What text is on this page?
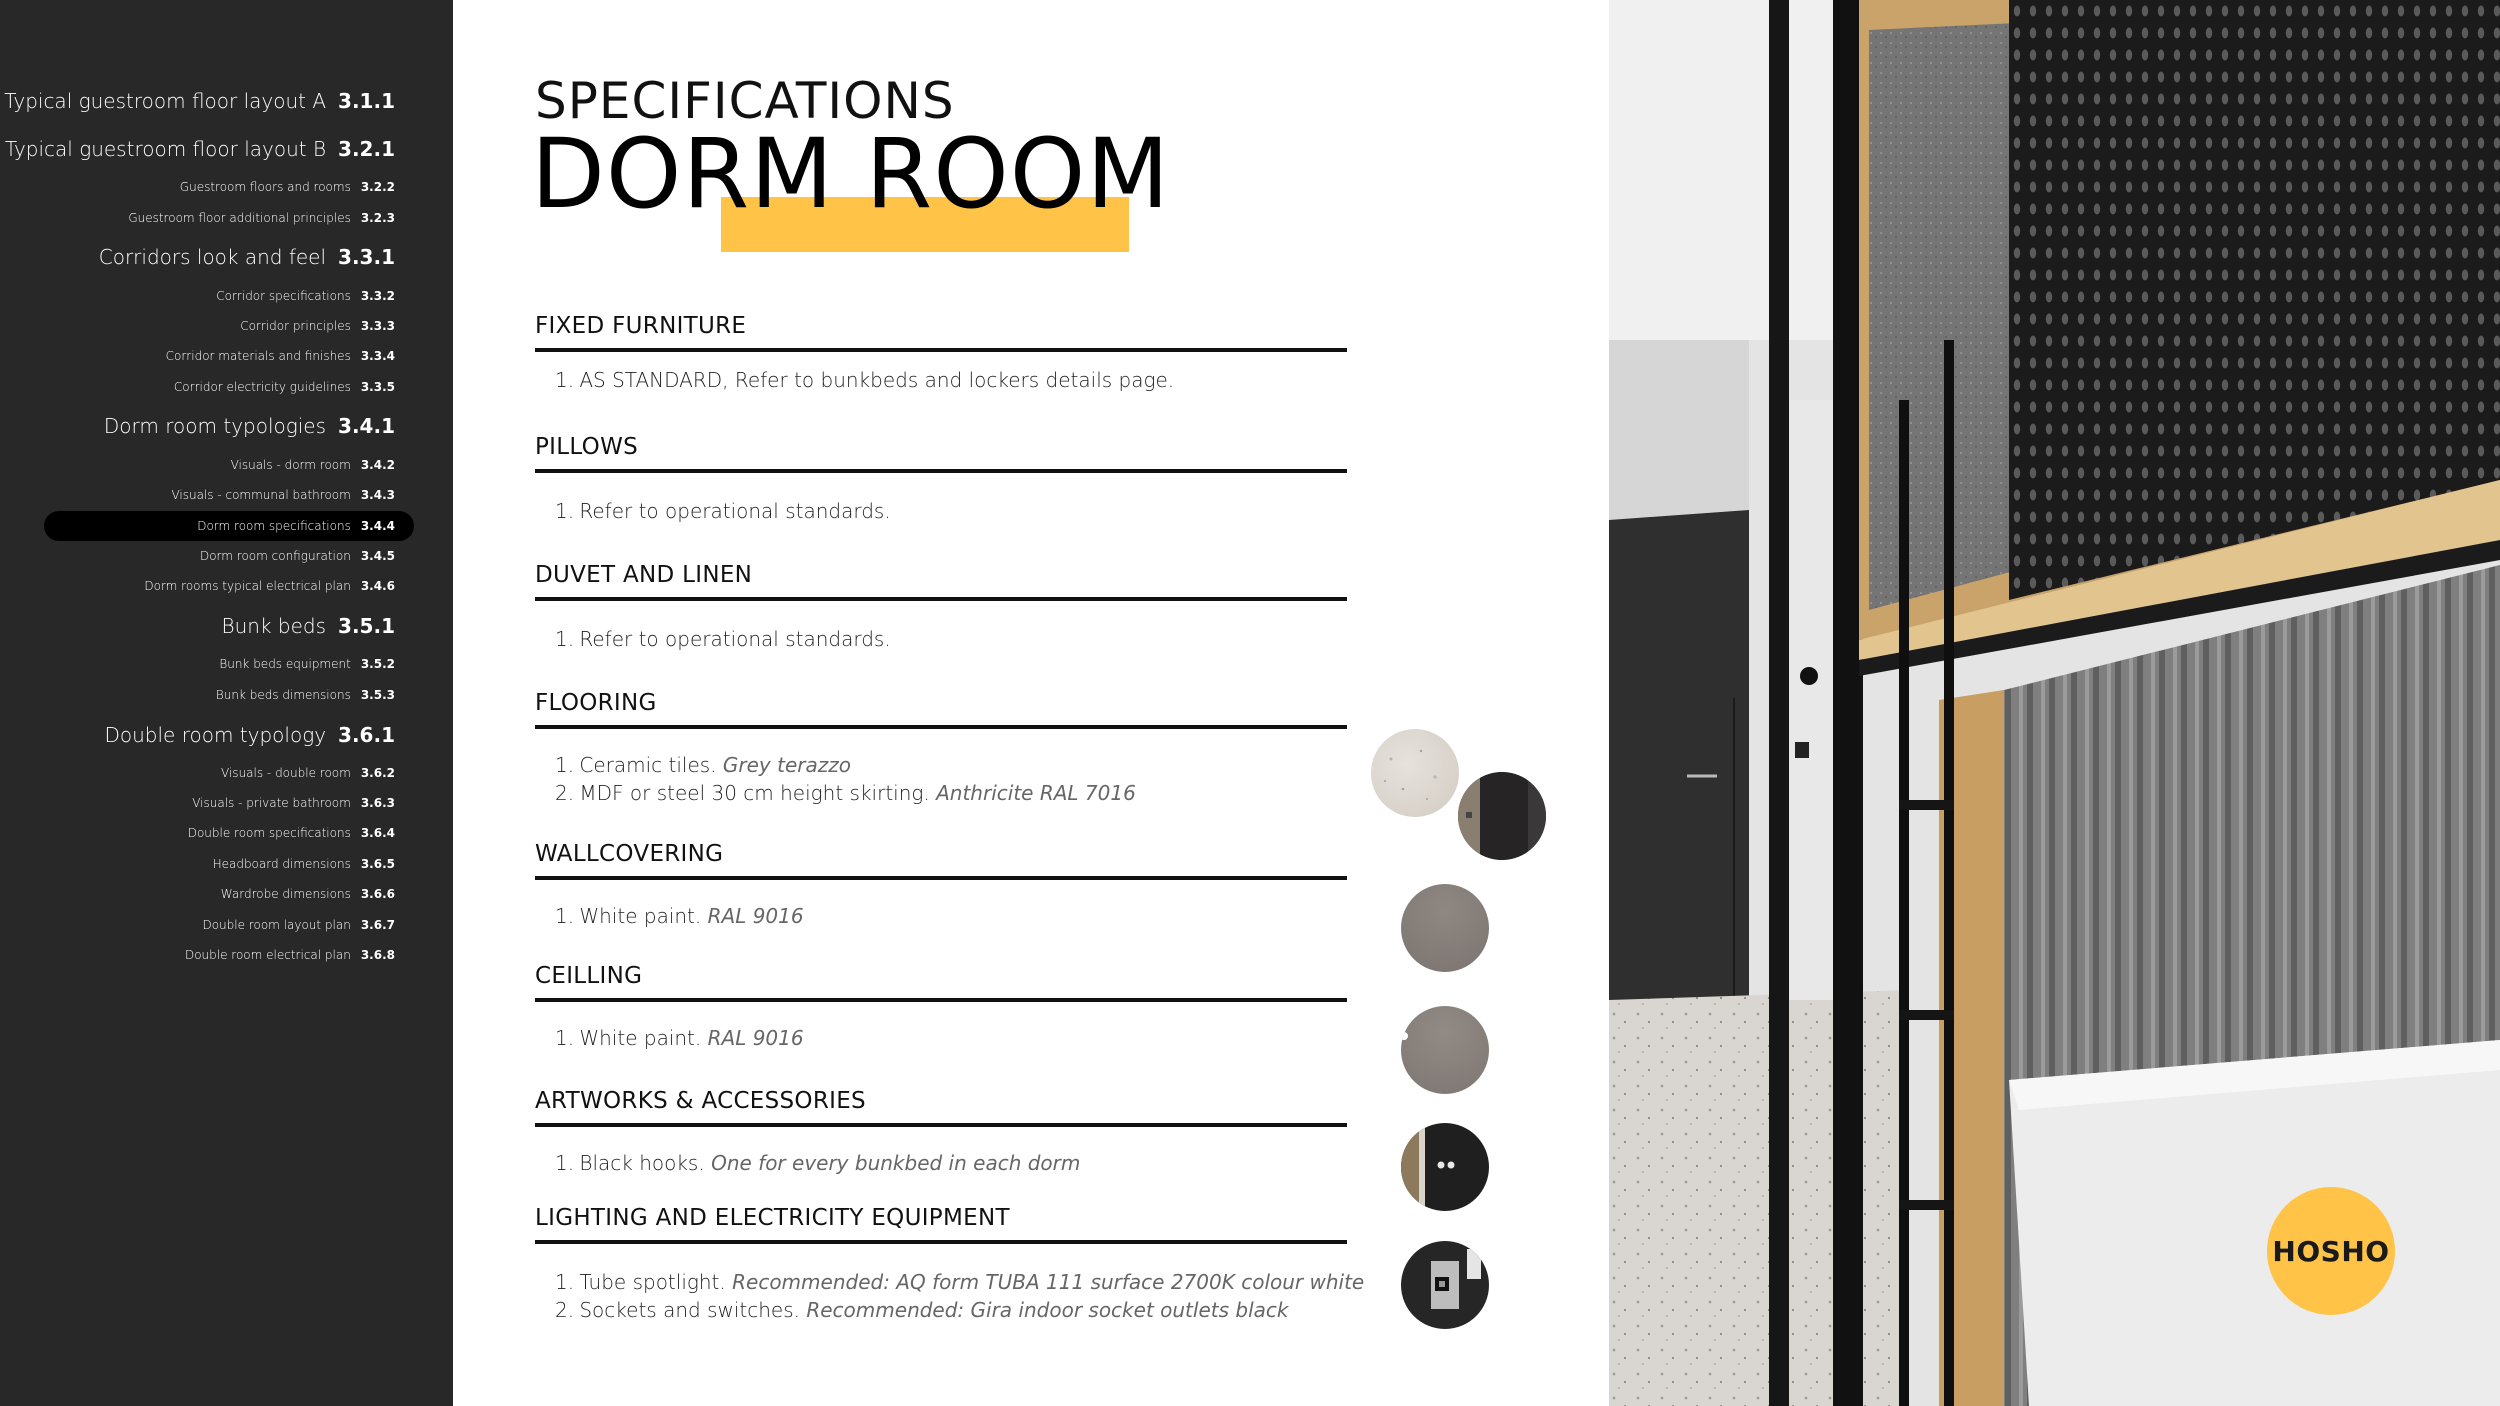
Typical guestroom floor layout A 3.1.1
Typical guestroom floor layout B 3.2.1
Guestroom floors and rooms 3.2.2
Guestroom floor additional principles 3.2.3
Corridors look and feel 3.3.1
Corridor specifications 3.3.2
Corridor principles 3.3.3
Corridor materials and finishes 3.3.4
Corridor electricity guidelines 3.3.5
Dorm room typologies 3.4.1
Visuals - dorm room 3.4.2
Visuals - communal bathroom 3.4.3
Dorm room specifications 3.4.4
Dorm room configuration 3.4.5
Dorm rooms typical electrical plan 3.4.6
Bunk beds 3.5.1
Bunk beds equipment 3.5.2
Bunk beds dimensions 3.5.3
Double room typology 3.6.1
Visuals - double room 3.6.2
Visuals - private bathroom 3.6.3
Double room specifications 3.6.4
Headboard dimensions 3.6.5
Wardrobe dimensions 3.6.6
Double room layout plan 3.6.7
Double room electrical plan 3.6.8
SPECIFICATIONS
DORM ROOM
FIXED FURNITURE
1. AS STANDARD, Refer to bunkbeds and lockers details page.
PILLOWS
1. Refer to operational standards.
DUVET AND LINEN
1. Refer to operational standards.
FLOORING
1. Ceramic tiles. Grey terazzo
2. MDF or steel 30 cm height skirting. Anthricite RAL 7016
WALLCOVERING
1. White paint. RAL 9016
CEILLING
1. White paint. RAL 9016
ARTWORKS & ACCESSORIES
1. Black hooks. One for every bunkbed in each dorm
LIGHTING AND ELECTRICITY EQUIPMENT
1. Tube spotlight. Recommended: AQ form TUBA 111 surface 2700K colour white
2. Sockets and switches. Recommended: Gira indoor socket outlets black
HOSHO
